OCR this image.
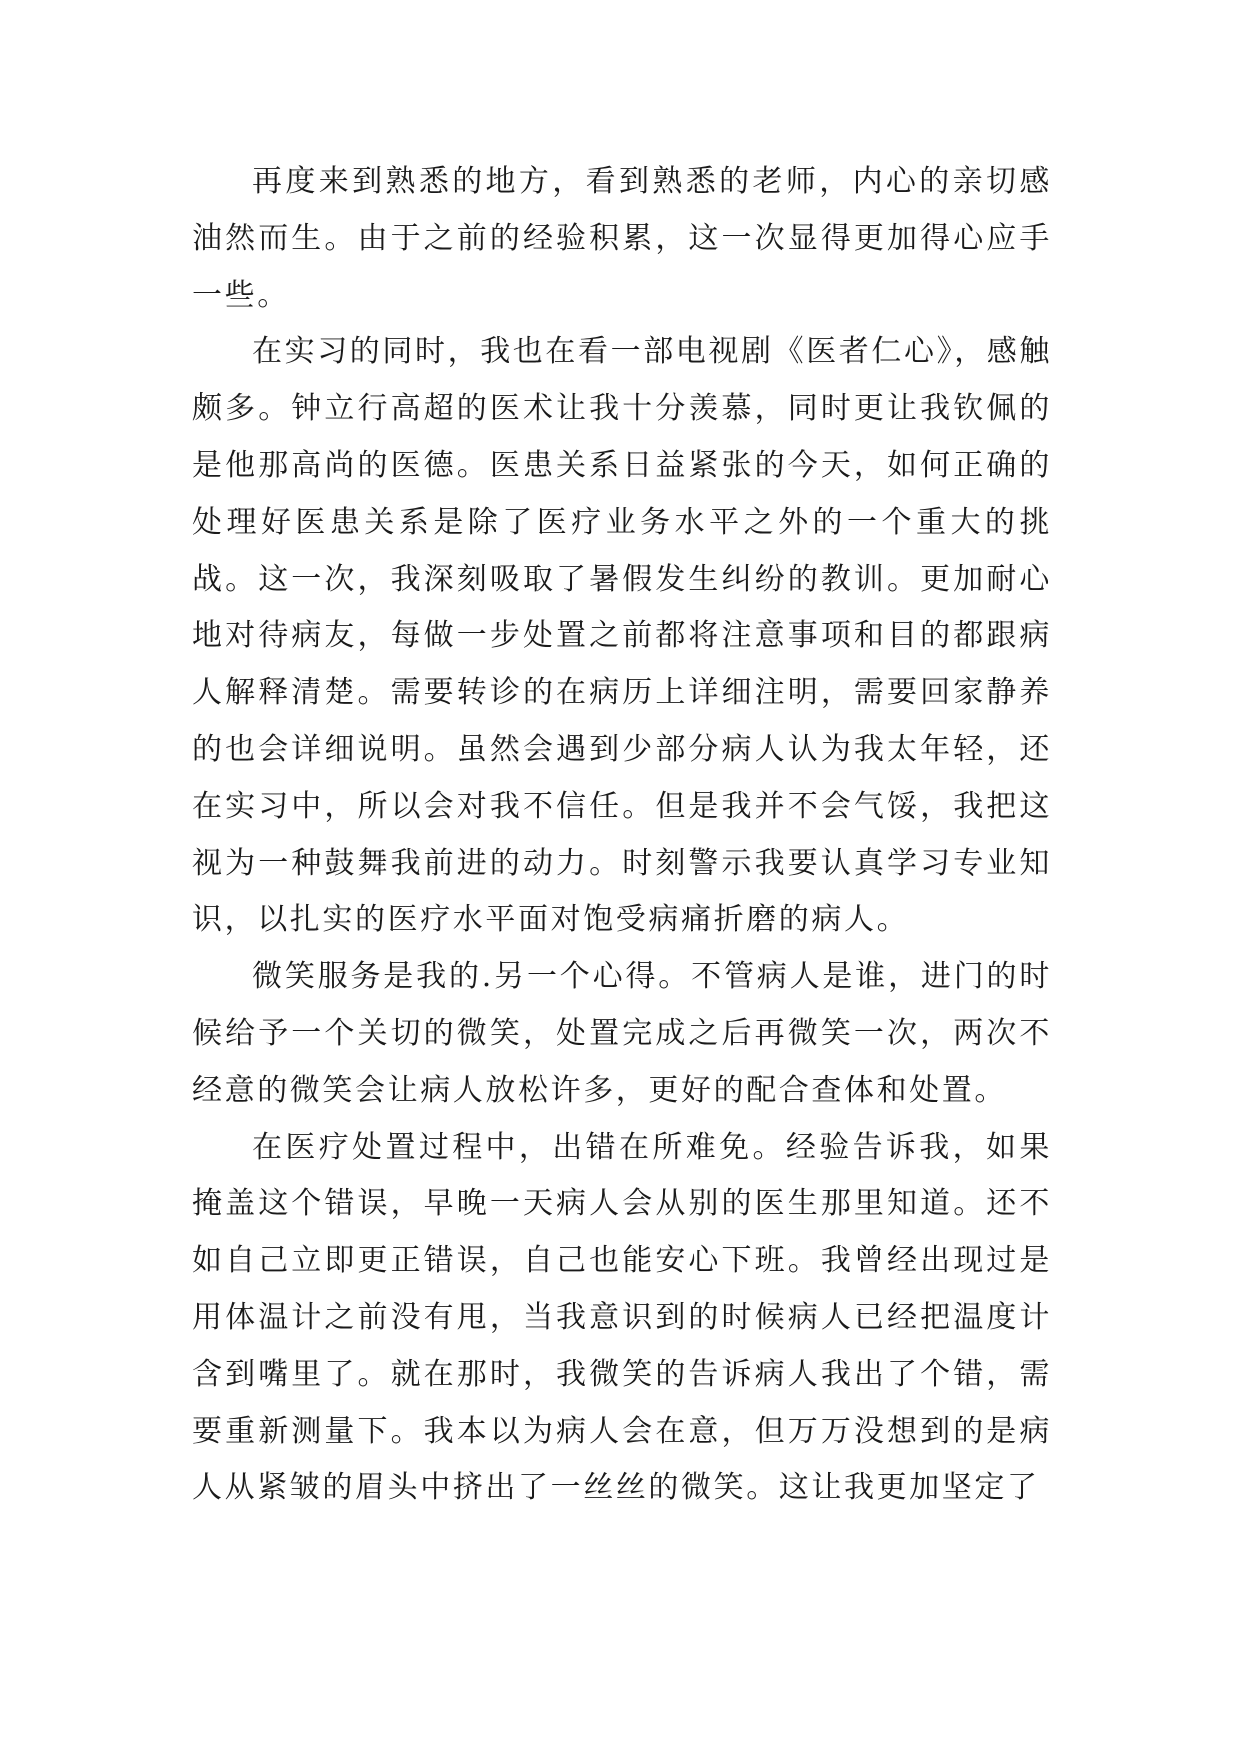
再度来到熟悉的地方，看到熟悉的老师，内心的亲切感油然而生。由于之前的经验积累，这一次显得更加得心应手一些。

在实习的同时，我也在看一部电视剧《医者仁心》，感触颇多。钟立行高超的医术让我十分羡慕，同时更让我钦佩的是他那高尚的医德。医患关系日益紧张的今天，如何正确的处理好医患关系是除了医疗业务水平之外的一个重大的挑战。这一次，我深刻吸取了暑假发生纠纷的教训。更加耐心地对待病友，每做一步处置之前都将注意事项和目的都跟病人解释清楚。需要转诊的在病历上详细注明，需要回家静养的也会详细说明。虽然会遇到少部分病人认为我太年轻，还在实习中，所以会对我不信任。但是我并不会气馁，我把这视为一种鼓舞我前进的动力。时刻警示我要认真学习专业知识，以扎实的医疗水平面对饱受病痛折磨的病人。

微笑服务是我的.另一个心得。不管病人是谁，进门的时候给予一个关切的微笑，处置完成之后再微笑一次，两次不经意的微笑会让病人放松许多，更好的配合查体和处置。

在医疗处置过程中，出错在所难免。经验告诉我，如果掩盖这个错误，早晚一天病人会从别的医生那里知道。还不如自己立即更正错误，自己也能安心下班。我曾经出现过是用体温计之前没有甩，当我意识到的时候病人已经把温度计含到嘴里了。就在那时，我微笑的告诉病人我出了个错，需要重新测量下。我本以为病人会在意，但万万没想到的是病人从紧皱的眉头中挤出了一丝丝的微笑。这让我更加坚定了
